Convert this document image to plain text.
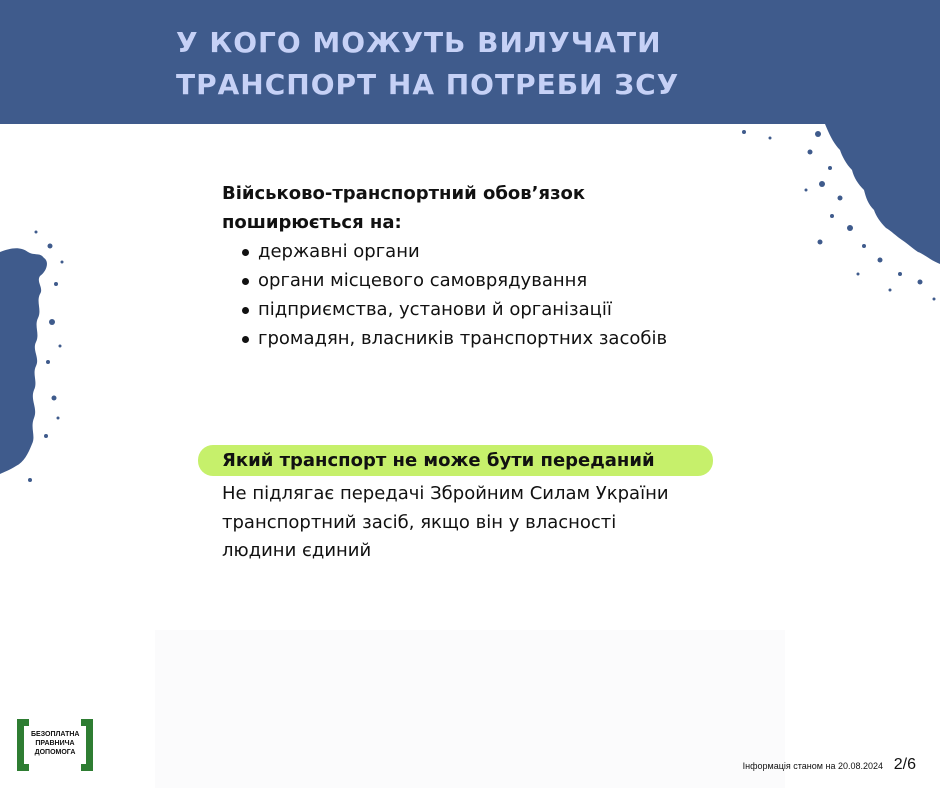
У КОГО МОЖУТЬ ВИЛУЧАТИ
ТРАНСПОРТ НА ПОТРЕБИ ЗСУ

Військово-транспортний обов’язок
поширюється на:

державні органи
органи місцевого самоврядування
підприємства, установи й організації
громадян, власників транспортних засобів
Який транспорт не може бути переданий
Не підлягає передачі Збройним Силам України
транспортний засіб, якщо він у власності
людини єдиний
БЕЗОПЛАТНА
ПРАВНИЧА
ДОПОМОГА
Інформація станом на 20.08.2024 2/6
